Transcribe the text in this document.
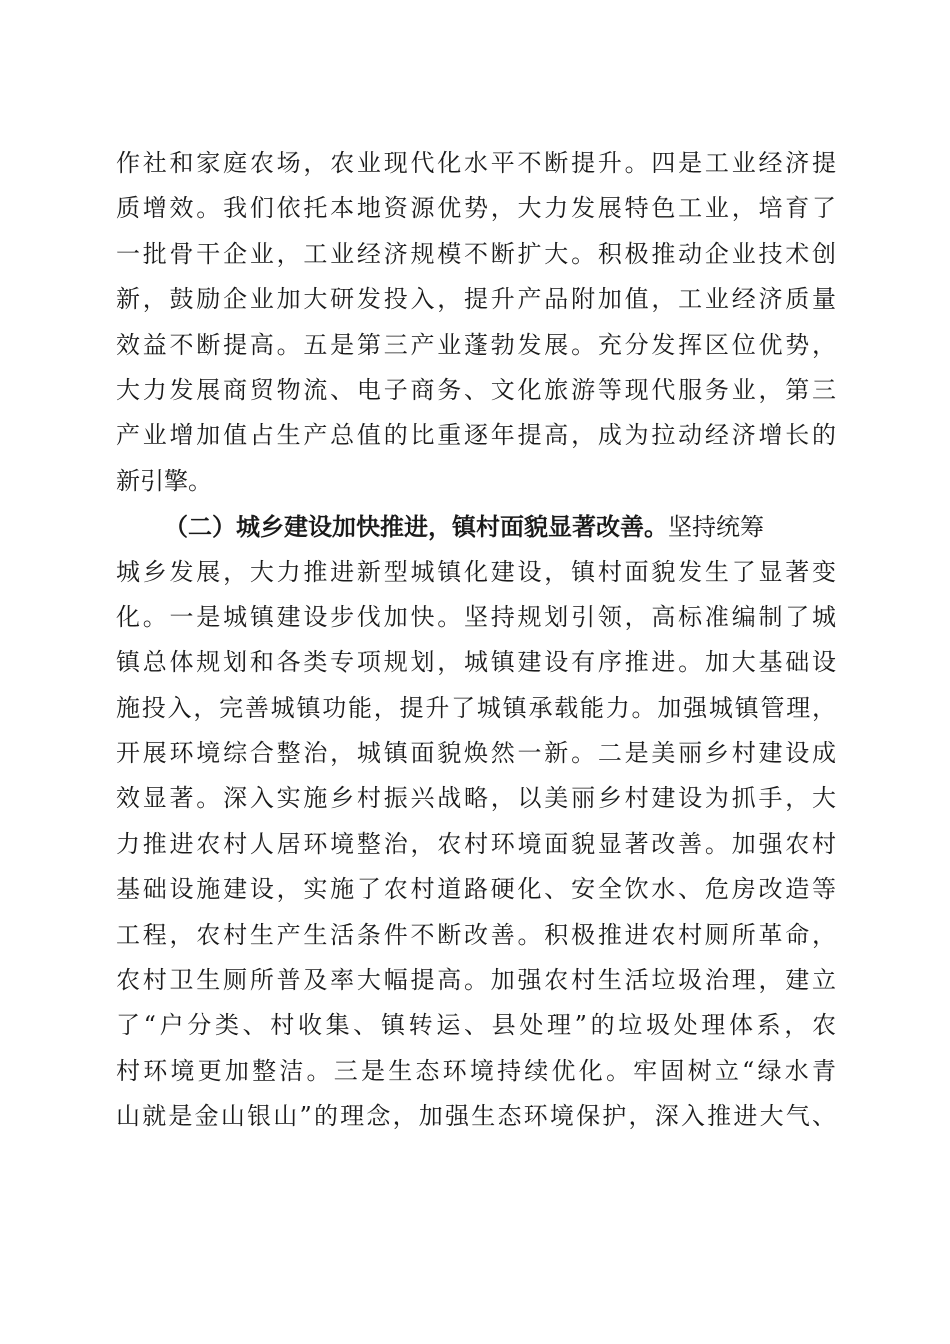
作社和家庭农场，农业现代化水平不断提升。四是工业经济提
质增效。我们依托本地资源优势，大力发展特色工业，培育了
一批骨干企业，工业经济规模不断扩大。积极推动企业技术创
新，鼓励企业加大研发投入，提升产品附加值，工业经济质量
效益不断提高。五是第三产业蓬勃发展。充分发挥区位优势，
大力发展商贸物流、电子商务、文化旅游等现代服务业，第三
产业增加值占生产总值的比重逐年提高，成为拉动经济增长的
新引擎。
（二）城乡建设加快推进，镇村面貌显著改善。坚持统筹
城乡发展，大力推进新型城镇化建设，镇村面貌发生了显著变
化。一是城镇建设步伐加快。坚持规划引领，高标准编制了城
镇总体规划和各类专项规划，城镇建设有序推进。加大基础设
施投入，完善城镇功能，提升了城镇承载能力。加强城镇管理，
开展环境综合整治，城镇面貌焕然一新。二是美丽乡村建设成
效显著。深入实施乡村振兴战略，以美丽乡村建设为抓手，大
力推进农村人居环境整治，农村环境面貌显著改善。加强农村
基础设施建设，实施了农村道路硬化、安全饮水、危房改造等
工程，农村生产生活条件不断改善。积极推进农村厕所革命，
农村卫生厕所普及率大幅提高。加强农村生活垃圾治理，建立
了“户分类、村收集、镇转运、县处理”的垃圾处理体系，农
村环境更加整洁。三是生态环境持续优化。牢固树立“绿水青
山就是金山银山”的理念，加强生态环境保护，深入推进大气、
